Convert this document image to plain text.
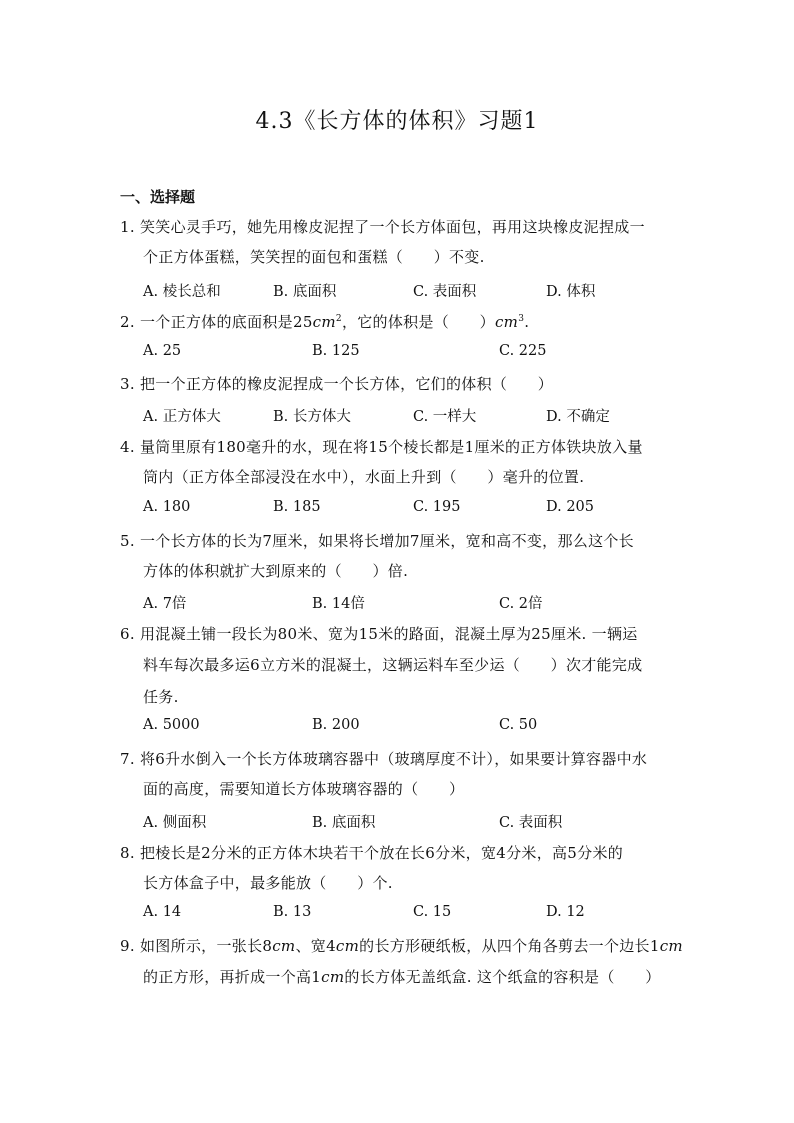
4.3《长方体的体积》习题1
一、选择题
1. 笑笑心灵手巧，她先用橡皮泥捏了一个长方体面包，再用这块橡皮泥捏成一
个正方体蛋糕，笑笑捏的面包和蛋糕（　　）不变.
A. 棱长总和	B. 底面积	C. 表面积	D. 体积
2. 一个正方体的底面积是$25cm^2$，它的体积是（　　）$cm^3$.
A. 25	B. 125	C. 225
3. 把一个正方体的橡皮泥捏成一个长方体，它们的体积（　　）
A. 正方体大	B. 长方体大	C. 一样大	D. 不确定
4. 量筒里原有180毫升的水，现在将15个棱长都是1厘米的正方体铁块放入量
筒内（正方体全部浸没在水中），水面上升到（　　）毫升的位置.
A. 180	B. 185	C. 195	D. 205
5. 一个长方体的长为7厘米，如果将长增加7厘米，宽和高不变，那么这个长
方体的体积就扩大到原来的（　　）倍.
A. 7倍	B. 14倍	C. 2倍
6. 用混凝土铺一段长为80米、宽为15米的路面，混凝土厚为25厘米. 一辆运
料车每次最多运6立方米的混凝土，这辆运料车至少运（　　）次才能完成
任务.
A. 5000	B. 200	C. 50
7. 将6升水倒入一个长方体玻璃容器中（玻璃厚度不计），如果要计算容器中水
面的高度，需要知道长方体玻璃容器的（　　）
A. 侧面积	B. 底面积	C. 表面积
8. 把棱长是2分米的正方体木块若干个放在长6分米，宽4分米，高5分米的
长方体盒子中，最多能放（　　）个.
A. 14	B. 13	C. 15	D. 12
9. 如图所示，一张长8cm、宽4cm的长方形硬纸板，从四个角各剪去一个边长1cm
的正方形，再折成一个高1cm的长方体无盖纸盒. 这个纸盒的容积是（　　）
